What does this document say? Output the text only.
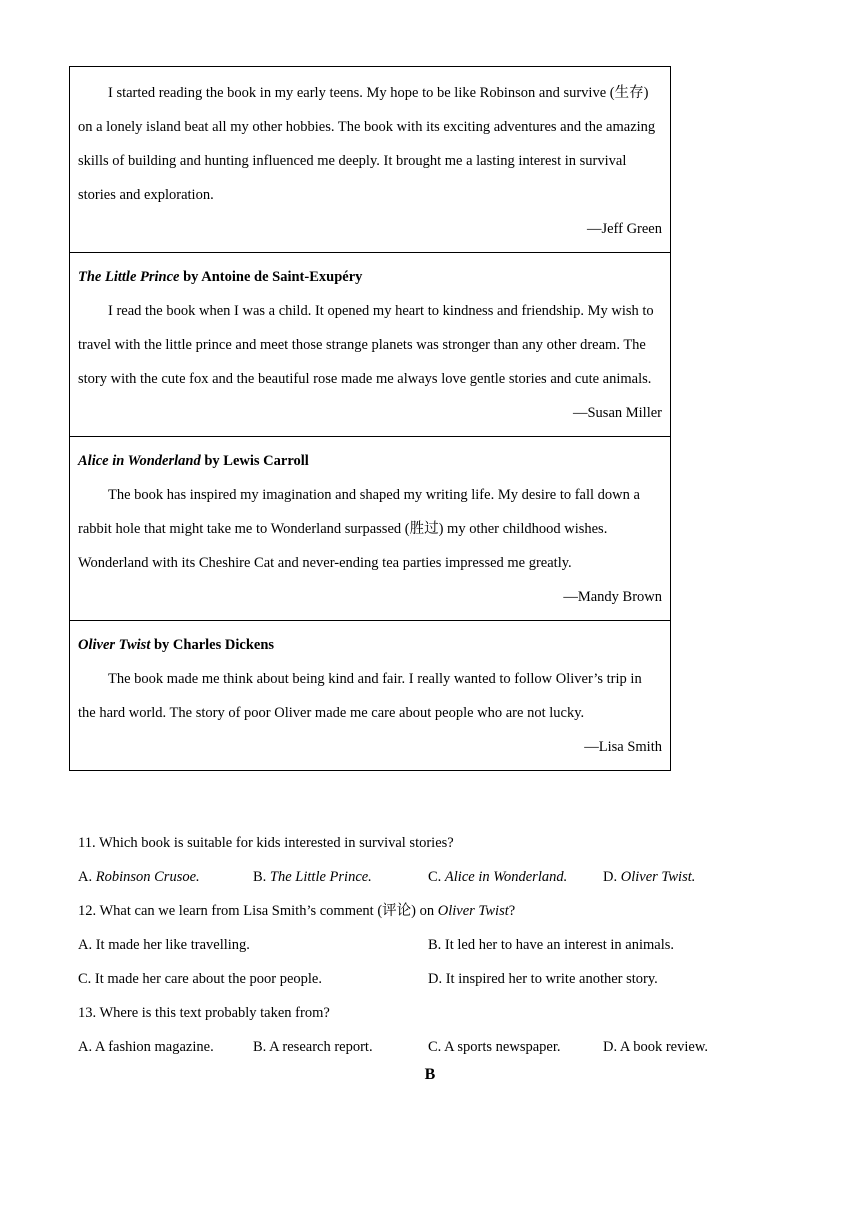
I started reading the book in my early teens. My hope to be like Robinson and survive (生存) on a lonely island beat all my other hobbies. The book with its exciting adventures and the amazing skills of building and hunting influenced me deeply. It brought me a lasting interest in survival stories and exploration.
—Jeff Green
The Little Prince by Antoine de Saint-Exupéry
I read the book when I was a child. It opened my heart to kindness and friendship. My wish to travel with the little prince and meet those strange planets was stronger than any other dream. The story with the cute fox and the beautiful rose made me always love gentle stories and cute animals.
—Susan Miller
Alice in Wonderland by Lewis Carroll
The book has inspired my imagination and shaped my writing life. My desire to fall down a rabbit hole that might take me to Wonderland surpassed (胜过) my other childhood wishes. Wonderland with its Cheshire Cat and never-ending tea parties impressed me greatly.
—Mandy Brown
Oliver Twist by Charles Dickens
The book made me think about being kind and fair. I really wanted to follow Oliver’s trip in the hard world. The story of poor Oliver made me care about people who are not lucky.
—Lisa Smith
11. Which book is suitable for kids interested in survival stories?
A. Robinson Crusoe.	B. The Little Prince.	C. Alice in Wonderland.	D. Oliver Twist.
12. What can we learn from Lisa Smith’s comment (评论) on Oliver Twist?
A. It made her like travelling.	B. It led her to have an interest in animals.
C. It made her care about the poor people.	D. It inspired her to write another story.
13. Where is this text probably taken from?
A. A fashion magazine.	B. A research report.	C. A sports newspaper.	D. A book review.
B
